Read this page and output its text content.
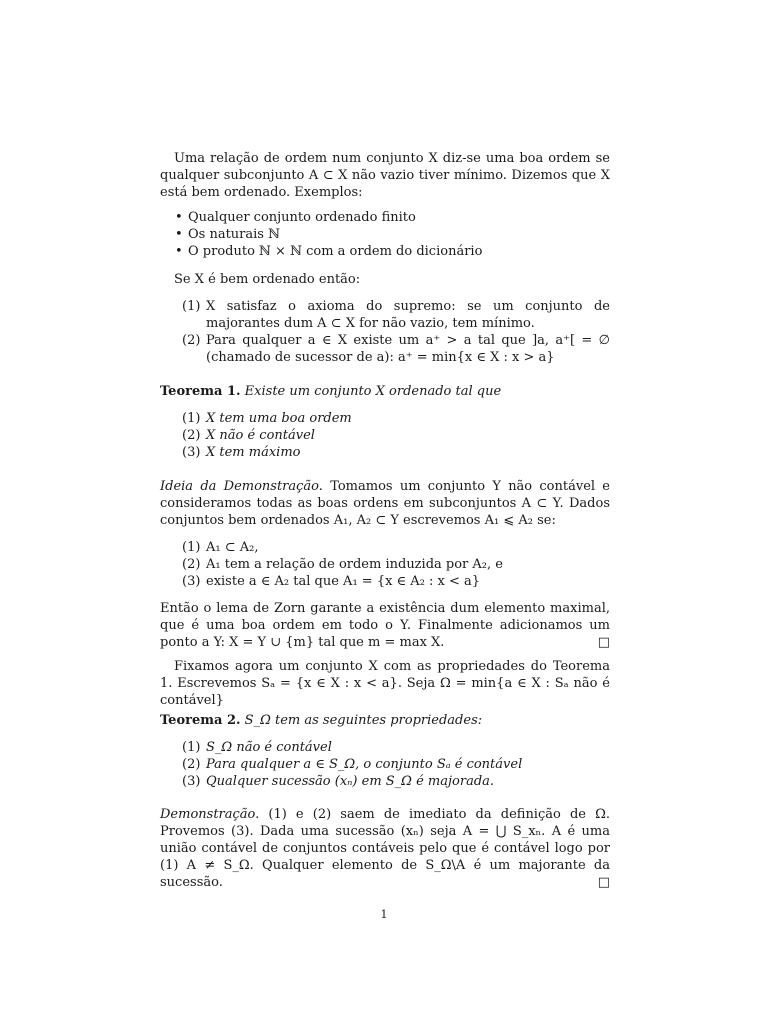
Uma relação de ordem num conjunto X diz-se uma boa ordem se qualquer subconjunto A ⊂ X não vazio tiver mínimo. Dizemos que X está bem ordenado. Exemplos:

• Qualquer conjunto ordenado finito
• Os naturais ℕ
• O produto ℕ × ℕ com a ordem do dicionário

Se X é bem ordenado então:

(1) X satisfaz o axioma do supremo: se um conjunto de majorantes dum A ⊂ X for não vazio, tem mínimo.
(2) Para qualquer a ∈ X existe um a⁺ > a tal que ]a, a⁺[ = ∅ (chamado de sucessor de a): a⁺ = min{x ∈ X : x > a}

Teorema 1. Existe um conjunto X ordenado tal que

(1) X tem uma boa ordem
(2) X não é contável
(3) X tem máximo

Ideia da Demonstração. Tomamos um conjunto Y não contável e consideramos todas as boas ordens em subconjuntos A ⊂ Y. Dados conjuntos bem ordenados A₁, A₂ ⊂ Y escrevemos A₁ ⩽ A₂ se:

(1) A₁ ⊂ A₂,
(2) A₁ tem a relação de ordem induzida por A₂, e
(3) existe a ∈ A₂ tal que A₁ = {x ∈ A₂ : x < a}

Então o lema de Zorn garante a existência dum elemento maximal, que é uma boa ordem em todo o Y. Finalmente adicionamos um ponto a Y: X = Y ∪ {m} tal que m = max X.	□

Fixamos agora um conjunto X com as propriedades do Teorema 1. Escrevemos Sₐ = {x ∈ X : x < a}. Seja Ω = min{a ∈ X : Sₐ não é contável}

Teorema 2. S_Ω tem as seguintes propriedades:

(1) S_Ω não é contável
(2) Para qualquer a ∈ S_Ω, o conjunto Sₐ é contável
(3) Qualquer sucessão (xₙ) em S_Ω é majorada.

Demonstração. (1) e (2) saem de imediato da definição de Ω. Provemos (3). Dada uma sucessão (xₙ) seja A = ⋃ S_xₙ. A é uma união contável de conjuntos contáveis pelo que é contável logo por (1) A ≠ S_Ω. Qualquer elemento de S_Ω\A é um majorante da sucessão.	□

1
